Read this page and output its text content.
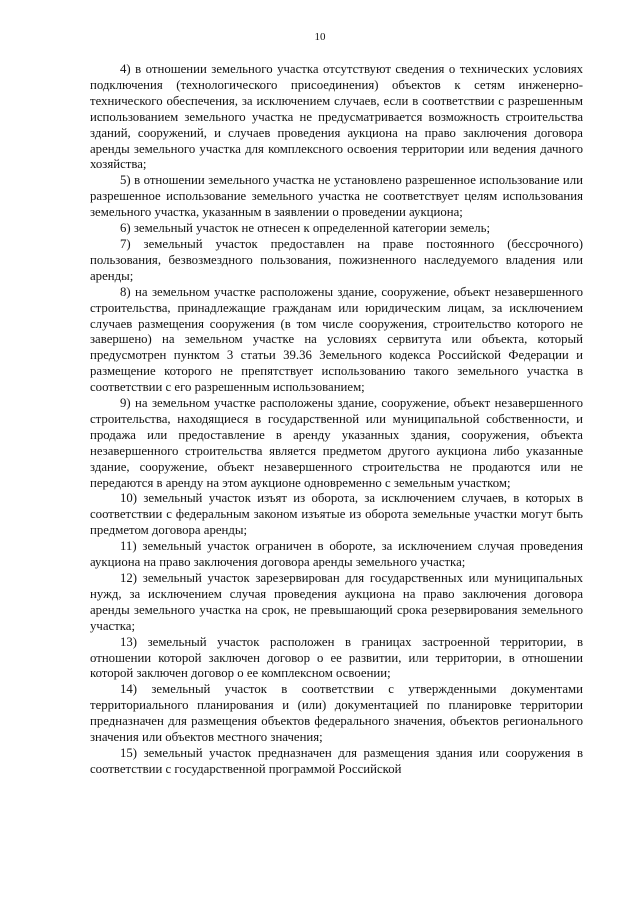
10

4) в отношении земельного участка отсутствуют сведения о технических условиях подключения (технологического присоединения) объектов к сетям инженерно-технического обеспечения, за исключением случаев, если в соответствии с разрешенным использованием земельного участка не предусматривается возможность строительства зданий, сооружений, и случаев проведения аукциона на право заключения договора аренды земельного участка для комплексного освоения территории или ведения дачного хозяйства;

5) в отношении земельного участка не установлено разрешенное использование или разрешенное использование земельного участка не соответствует целям использования земельного участка, указанным в заявлении о проведении аукциона;

6) земельный участок не отнесен к определенной категории земель;

7) земельный участок предоставлен на праве постоянного (бессрочного) пользования, безвозмездного пользования, пожизненного наследуемого владения или аренды;

8) на земельном участке расположены здание, сооружение, объект незавершенного строительства, принадлежащие гражданам или юридическим лицам, за исключением случаев размещения сооружения (в том числе сооружения, строительство которого не завершено) на земельном участке на условиях сервитута или объекта, который предусмотрен пунктом 3 статьи 39.36 Земельного кодекса Российской Федерации и размещение которого не препятствует использованию такого земельного участка в соответствии с его разрешенным использованием;

9) на земельном участке расположены здание, сооружение, объект незавершенного строительства, находящиеся в государственной или муниципальной собственности, и продажа или предоставление в аренду указанных здания, сооружения, объекта незавершенного строительства является предметом другого аукциона либо указанные здание, сооружение, объект незавершенного строительства не продаются или не передаются в аренду на этом аукционе одновременно с земельным участком;

10) земельный участок изъят из оборота, за исключением случаев, в которых в соответствии с федеральным законом изъятые из оборота земельные участки могут быть предметом договора аренды;

11) земельный участок ограничен в обороте, за исключением случая проведения аукциона на право заключения договора аренды земельного участка;

12) земельный участок зарезервирован для государственных или муниципальных нужд, за исключением случая проведения аукциона на право заключения договора аренды земельного участка на срок, не превышающий срока резервирования земельного участка;

13) земельный участок расположен в границах застроенной территории, в отношении которой заключен договор о ее развитии, или территории, в отношении которой заключен договор о ее комплексном освоении;

14) земельный участок в соответствии с утвержденными документами территориального планирования и (или) документацией по планировке территории предназначен для размещения объектов федерального значения, объектов регионального значения или объектов местного значения;

15) земельный участок предназначен для размещения здания или сооружения в соответствии с государственной программой Российской
